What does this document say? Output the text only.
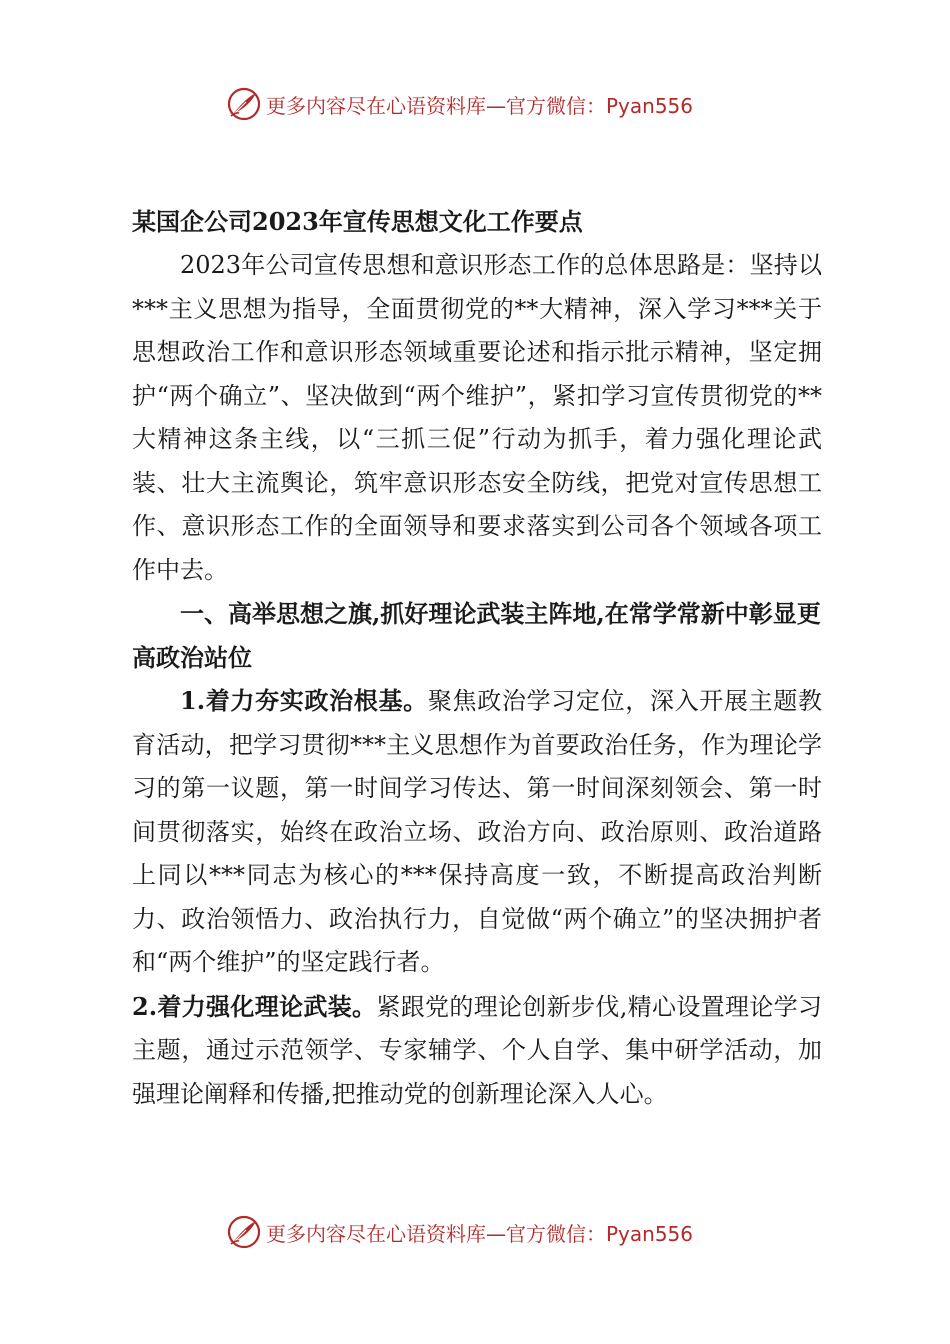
更多内容尽在心语资料库—官方微信：Pyan556

某国企公司2023年宣传思想文化工作要点

2023年公司宣传思想和意识形态工作的总体思路是：坚持以***主义思想为指导，全面贯彻党的**大精神，深入学习***关于思想政治工作和意识形态领域重要论述和指示批示精神，坚定拥护“两个确立”、坚决做到“两个维护”，紧扣学习宣传贯彻党的**大精神这条主线，以“三抓三促”行动为抓手，着力强化理论武装、壮大主流舆论，筑牢意识形态安全防线，把党对宣传思想工作、意识形态工作的全面领导和要求落实到公司各个领域各项工作中去。

一、高举思想之旗,抓好理论武装主阵地,在常学常新中彰显更高政治站位

1.着力夯实政治根基。聚焦政治学习定位，深入开展主题教育活动，把学习贯彻***主义思想作为首要政治任务，作为理论学习的第一议题，第一时间学习传达、第一时间深刻领会、第一时间贯彻落实，始终在政治立场、政治方向、政治原则、政治道路上同以***同志为核心的***保持高度一致，不断提高政治判断力、政治领悟力、政治执行力，自觉做“两个确立”的坚决拥护者和“两个维护”的坚定践行者。

2.着力强化理论武装。紧跟党的理论创新步伐,精心设置理论学习主题，通过示范领学、专家辅学、个人自学、集中研学活动，加强理论阐释和传播,把推动党的创新理论深入人心。

更多内容尽在心语资料库—官方微信：Pyan556
